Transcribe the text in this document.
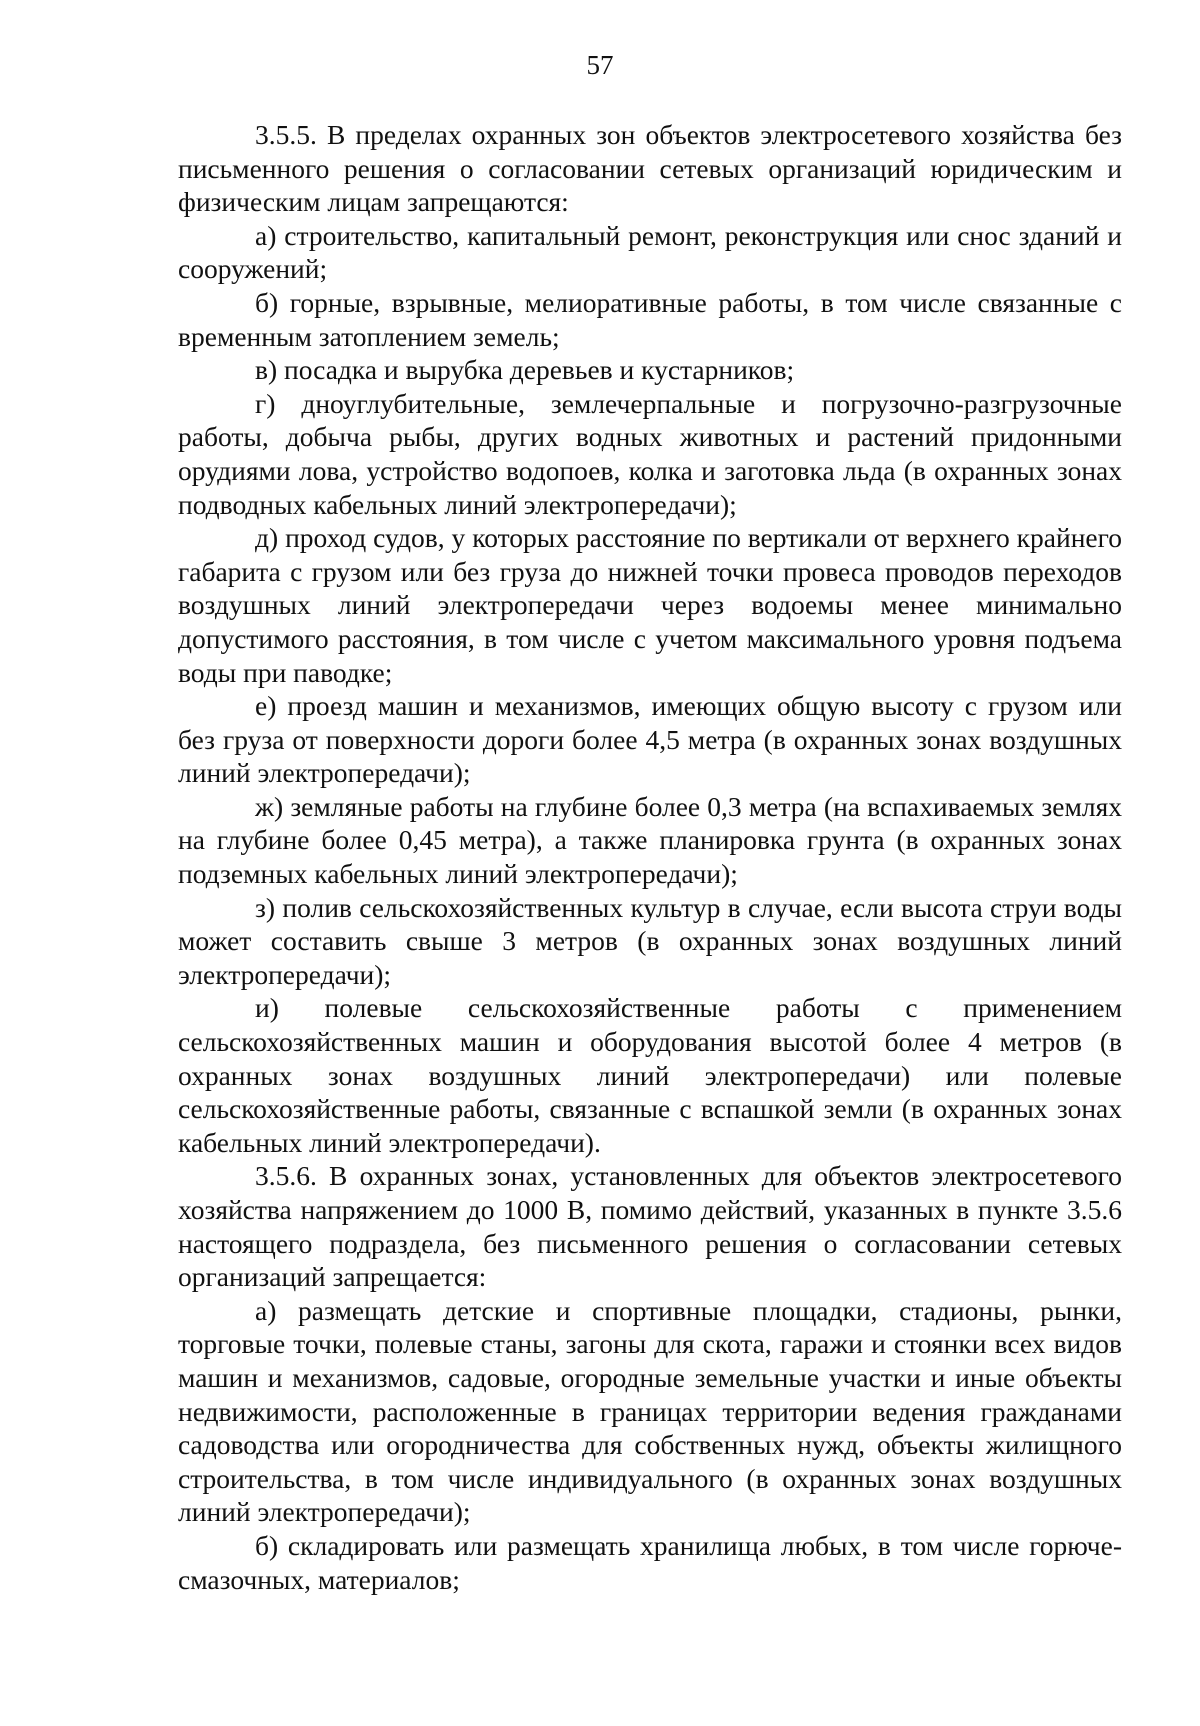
57

3.5.5. В пределах охранных зон объектов электросетевого хозяйства без письменного решения о согласовании сетевых организаций юридическим и физическим лицам запрещаются:

а) строительство, капитальный ремонт, реконструкция или снос зданий и сооружений;

б) горные, взрывные, мелиоративные работы, в том числе связанные с временным затоплением земель;

в) посадка и вырубка деревьев и кустарников;

г) дноуглубительные, землечерпальные и погрузочно-разгрузочные работы, добыча рыбы, других водных животных и растений придонными орудиями лова, устройство водопоев, колка и заготовка льда (в охранных зонах подводных кабельных линий электропередачи);

д) проход судов, у которых расстояние по вертикали от верхнего крайнего габарита с грузом или без груза до нижней точки провеса проводов переходов воздушных линий электропередачи через водоемы менее минимально допустимого расстояния, в том числе с учетом максимального уровня подъема воды при паводке;

е) проезд машин и механизмов, имеющих общую высоту с грузом или без груза от поверхности дороги более 4,5 метра (в охранных зонах воздушных линий электропередачи);

ж) земляные работы на глубине более 0,3 метра (на вспахиваемых землях на глубине более 0,45 метра), а также планировка грунта (в охранных зонах подземных кабельных линий электропередачи);

з) полив сельскохозяйственных культур в случае, если высота струи воды может составить свыше 3 метров (в охранных зонах воздушных линий электропередачи);

и) полевые сельскохозяйственные работы с применением сельскохозяйственных машин и оборудования высотой более 4 метров (в охранных зонах воздушных линий электропередачи) или полевые сельскохозяйственные работы, связанные с вспашкой земли (в охранных зонах кабельных линий электропередачи).

3.5.6. В охранных зонах, установленных для объектов электросетевого хозяйства напряжением до 1000 В, помимо действий, указанных в пункте 3.5.6 настоящего подраздела, без письменного решения о согласовании сетевых организаций запрещается:

а) размещать детские и спортивные площадки, стадионы, рынки, торговые точки, полевые станы, загоны для скота, гаражи и стоянки всех видов машин и механизмов, садовые, огородные земельные участки и иные объекты недвижимости, расположенные в границах территории ведения гражданами садоводства или огородничества для собственных нужд, объекты жилищного строительства, в том числе индивидуального (в охранных зонах воздушных линий электропередачи);

б) складировать или размещать хранилища любых, в том числе горюче-смазочных, материалов;
